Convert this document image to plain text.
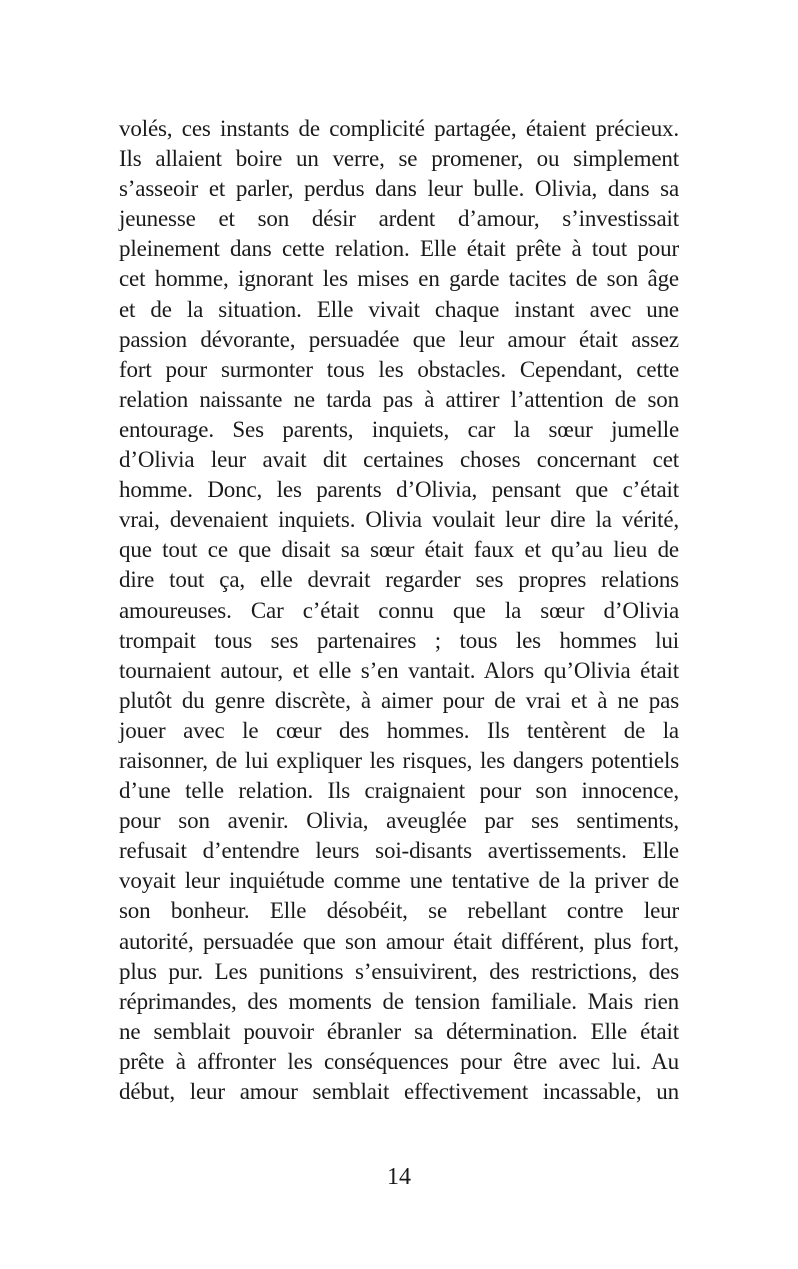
volés, ces instants de complicité partagée, étaient précieux.
Ils allaient boire un verre, se promener, ou simplement
s’asseoir et parler, perdus dans leur bulle. Olivia, dans sa
jeunesse et son désir ardent d’amour, s’investissait
pleinement dans cette relation. Elle était prête à tout pour
cet homme, ignorant les mises en garde tacites de son âge
et de la situation. Elle vivait chaque instant avec une
passion dévorante, persuadée que leur amour était assez
fort pour surmonter tous les obstacles. Cependant, cette
relation naissante ne tarda pas à attirer l’attention de son
entourage. Ses parents, inquiets, car la sœur jumelle
d’Olivia leur avait dit certaines choses concernant cet
homme. Donc, les parents d’Olivia, pensant que c’était
vrai, devenaient inquiets. Olivia voulait leur dire la vérité,
que tout ce que disait sa sœur était faux et qu’au lieu de
dire tout ça, elle devrait regarder ses propres relations
amoureuses. Car c’était connu que la sœur d’Olivia
trompait tous ses partenaires ; tous les hommes lui
tournaient autour, et elle s’en vantait. Alors qu’Olivia était
plutôt du genre discrète, à aimer pour de vrai et à ne pas
jouer avec le cœur des hommes. Ils tentèrent de la
raisonner, de lui expliquer les risques, les dangers potentiels
d’une telle relation. Ils craignaient pour son innocence,
pour son avenir. Olivia, aveuglée par ses sentiments,
refusait d’entendre leurs soi-disants avertissements. Elle
voyait leur inquiétude comme une tentative de la priver de
son bonheur. Elle désobéit, se rebellant contre leur
autorité, persuadée que son amour était différent, plus fort,
plus pur. Les punitions s’ensuivirent, des restrictions, des
réprimandes, des moments de tension familiale. Mais rien
ne semblait pouvoir ébranler sa détermination. Elle était
prête à affronter les conséquences pour être avec lui. Au
début, leur amour semblait effectivement incassable, un
14
